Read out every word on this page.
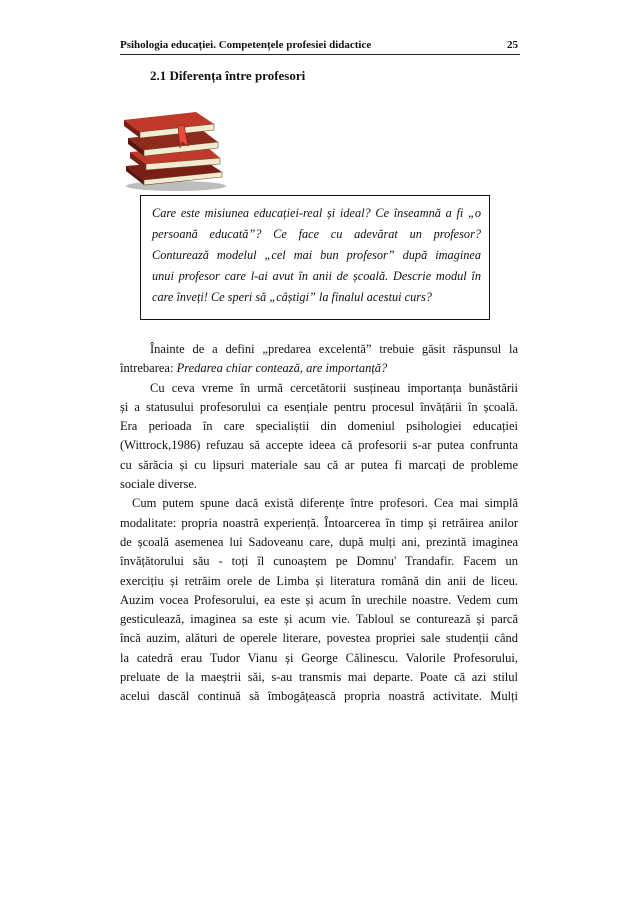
Psihologia educației. Competențele profesiei didactice	25
2.1 Diferența între profesori
Care este misiunea educației-real și ideal? Ce înseamnă a fi „o
persoană educată”? Ce face cu adevărat un profesor?
Conturează modelul „cel mai bun profesor” după imaginea
unui profesor care l-ai avut în anii de școală. Descrie modul în
care înveți! Ce speri să „câștigi” la finalul acestui curs?
Înainte de a defini „predarea excelentă” trebuie găsit răspunsul la
întrebarea: Predarea chiar contează, are importanță?
Cu ceva vreme în urmă cercetătorii susțineau importanța bunăstării
și a statusului profesorului ca esențiale pentru procesul învățării în școală.
Era perioada în care specialiștii din domeniul psihologiei educației
(Wittrock,1986) refuzau să accepte ideea că profesorii s-ar putea confrunta
cu sărăcia și cu lipsuri materiale sau că ar putea fi marcați de probleme
sociale diverse.
Cum putem spune dacă există diferențe între profesori. Cea mai simplă
modalitate: propria noastră experiență. Întoarcerea în timp și retrăirea anilor
de școală asemenea lui Sadoveanu care, după mulți ani, prezintă imaginea
învățătorului său - toți îl cunoaștem pe Domnu' Trandafir. Facem un
exercițiu și retrăim orele de Limba și literatura română din anii de liceu.
Auzim vocea Profesorului, ea este și acum în urechile noastre. Vedem cum
gesticulează, imaginea sa este și acum vie. Tabloul se conturează și parcă
încă auzim, alături de operele literare, povestea propriei sale studenții când
la catedră erau Tudor Vianu și George Călinescu. Valorile Profesorului,
preluate de la maeștrii săi, s-au transmis mai departe. Poate că azi stilul
acelui dascăl continuă să îmbogățească propria noastră activitate. Mulți
